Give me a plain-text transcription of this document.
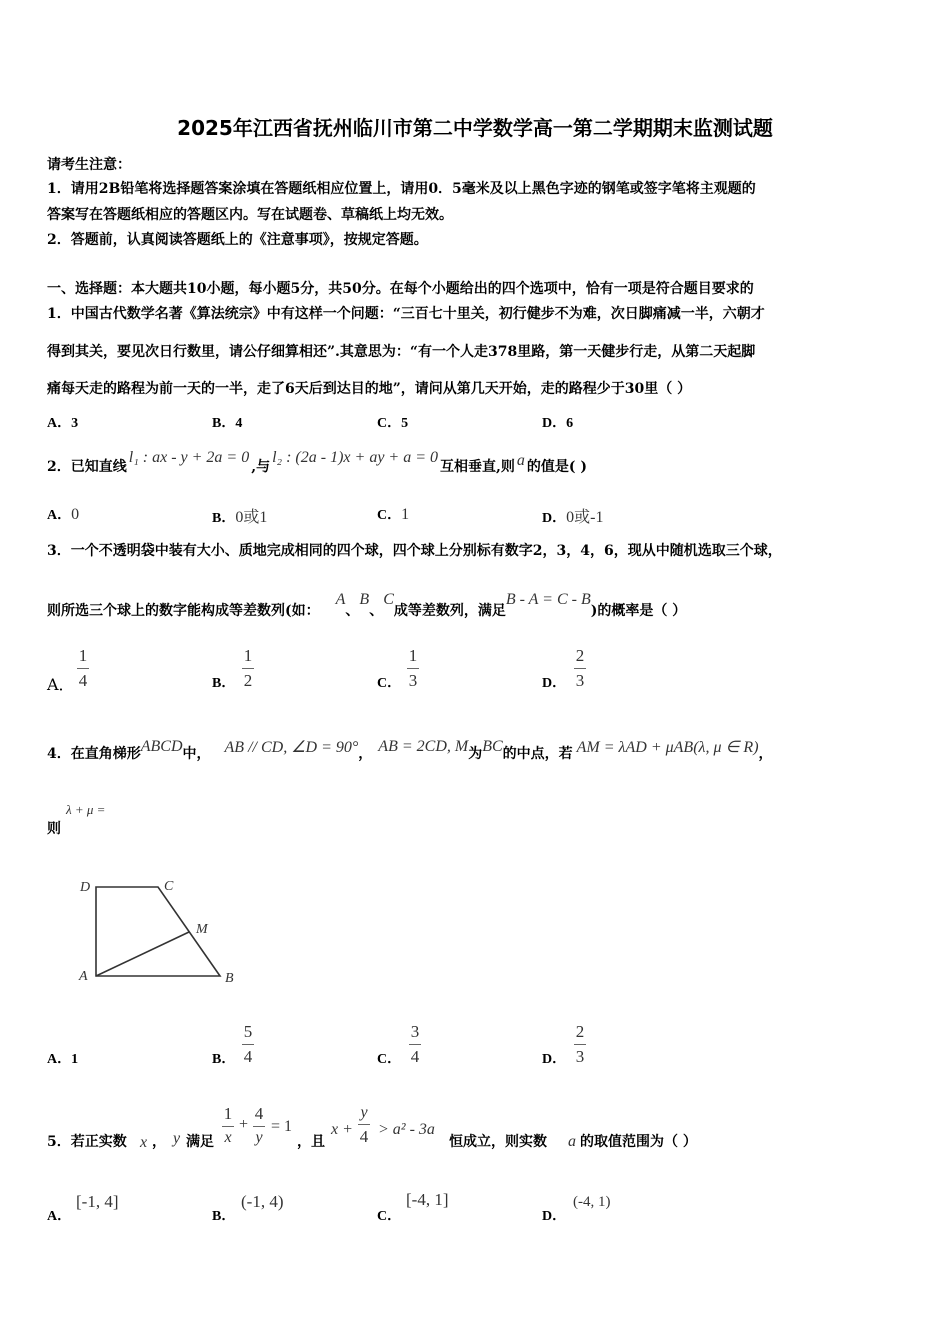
2025年江西省抚州临川市第二中学数学高一第二学期期末监测试题
请考生注意：
1．请用2B铅笔将选择题答案涂填在答题纸相应位置上，请用0．5毫米及以上黑色字迹的钢笔或签字笔将主观题的
答案写在答题纸相应的答题区内。写在试题卷、草稿纸上均无效。
2．答题前，认真阅读答题纸上的《注意事项》，按规定答题。
一、选择题：本大题共10小题，每小题5分，共50分。在每个小题给出的四个选项中，恰有一项是符合题目要求的
1．中国古代数学名著《算法统宗》中有这样一个问题：“三百七十里关，初行健步不为难，次日脚痛减一半，六朝才
得到其关，要见次日行数里，请公仔细算相还”.其意思为：“有一个人走378里路，第一天健步行走，从第二天起脚
痛每天走的路程为前一天的一半，走了6天后到达目的地”，请问从第几天开始，走的路程少于30里（ ）
A．3	B．4	C．5	D．6
2．已知直线
l₁ : ax - y + 2a = 0
,与
l₂ : (2a - 1)x + ay + a = 0
互相垂直,则 a 的值是( )
A．0	B．0或1	C．1	D．0或-1
3．一个不透明袋中装有大小、质地完成相同的四个球，四个球上分别标有数字2，3，4，6，现从中随机选取三个球，
则所选三个球上的数字能构成等差数列(如：
A
、
B
、
C
成等差数列，满足
B - A = C - B
)的概率是（ ）
A．
1
4	B．
1
2	C．
1
3	D．
2
3
4．在直角梯形 ABCD 中， AB // CD, ∠D = 90° ， AB = 2CD, M 为 BC 的中点，若 AM = λAD + μAB(λ, μ ∈ R) ，
则
λ + μ =
D	C
M
A	B
A．1	B．
5
4	C．
3
4	D．
2
3
5．若正实数 x ， y 满足
1
x
+
4
y
= 1
，且
x +
y
4 > a² - 3a
恒成立，则实数 a 的取值范围为（ ）
A．
[-1, 4]
B．
(-1, 4)
C．
[-4, 1]
D．
(-4, 1)
